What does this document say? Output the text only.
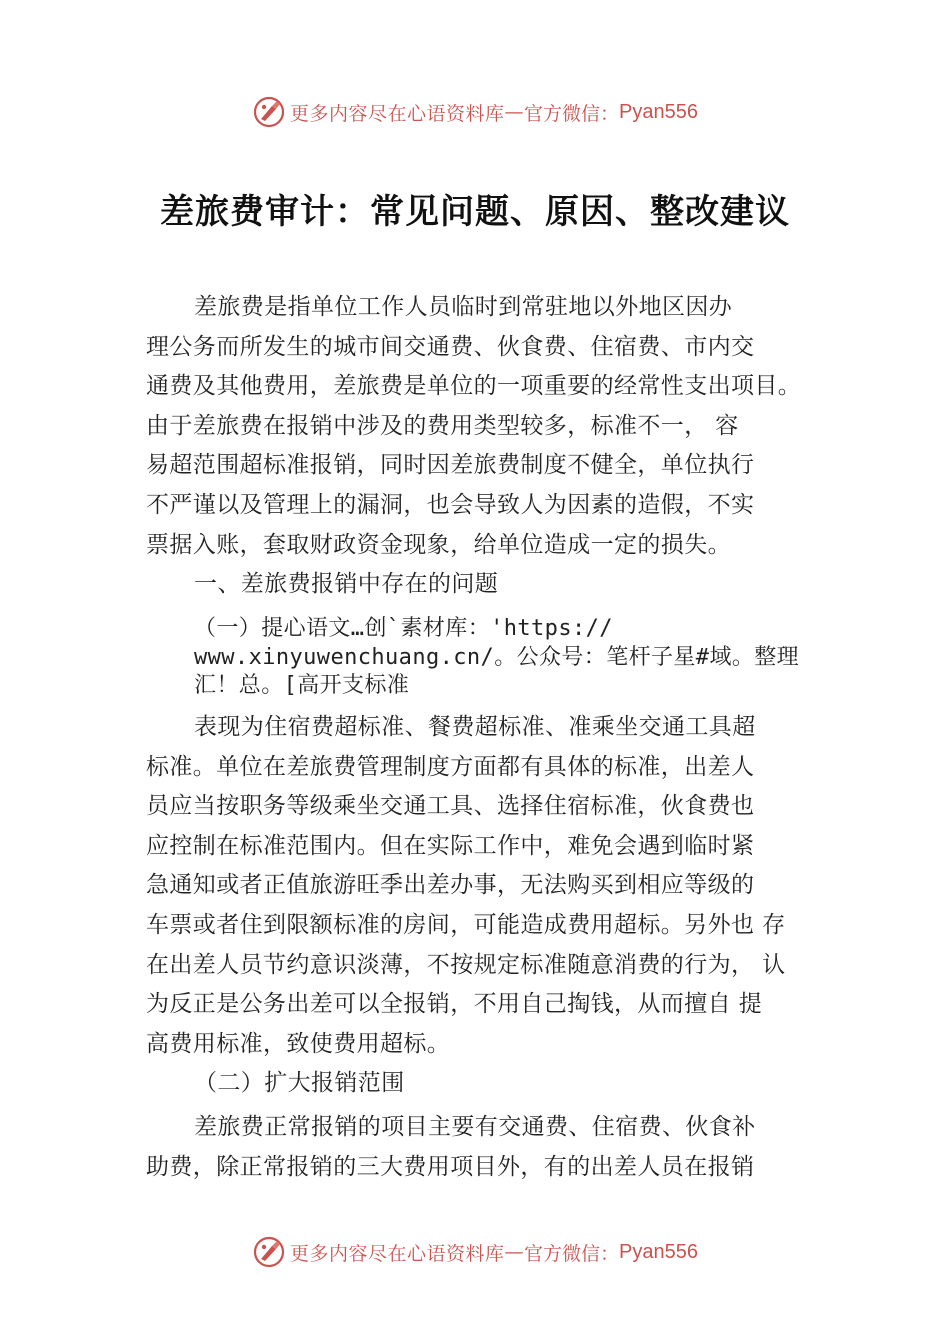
更多内容尽在心语资料库 — 官方微信： Pyan556
差旅费审计：常见问题、原因、整改建议
差旅费是指单位工作人员临时到常驻地以外地区因办
理公务而所发生的城市间交通费、伙食费、住宿费、市内交
通费及其他费用，差旅费是单位的一项重要的经常性支出项目。
由于差旅费在报销中涉及的费用类型较多，标准不一， 容
易超范围超标准报销，同时因差旅费制度不健全，单位执行
不严谨以及管理上的漏洞，也会导致人为因素的造假，不实
票据入账，套取财政资金现象，给单位造成一定的损失。
一、差旅费报销中存在的问题
（一）提心语文…创`素材库：'https://
www.xinyuwenchuang.cn/。公众号：笔杆子星#域。整理
汇！总。[高开支标准
表现为住宿费超标准、餐费超标准、准乘坐交通工具超
标准。单位在差旅费管理制度方面都有具体的标准，出差人
员应当按职务等级乘坐交通工具、选择住宿标准，伙食费也
应控制在标准范围内。但在实际工作中，难免会遇到临时紧
急通知或者正值旅游旺季出差办事，无法购买到相应等级的
车票或者住到限额标准的房间，可能造成费用超标。另外也 存
在出差人员节约意识淡薄，不按规定标准随意消费的行为， 认
为反正是公务出差可以全报销，不用自己掏钱，从而擅自 提
高费用标准，致使费用超标。
（二）扩大报销范围
差旅费正常报销的项目主要有交通费、住宿费、伙食补
助费，除正常报销的三大费用项目外，有的出差人员在报销
更多内容尽在心语资料库 — 官方微信： Pyan556
